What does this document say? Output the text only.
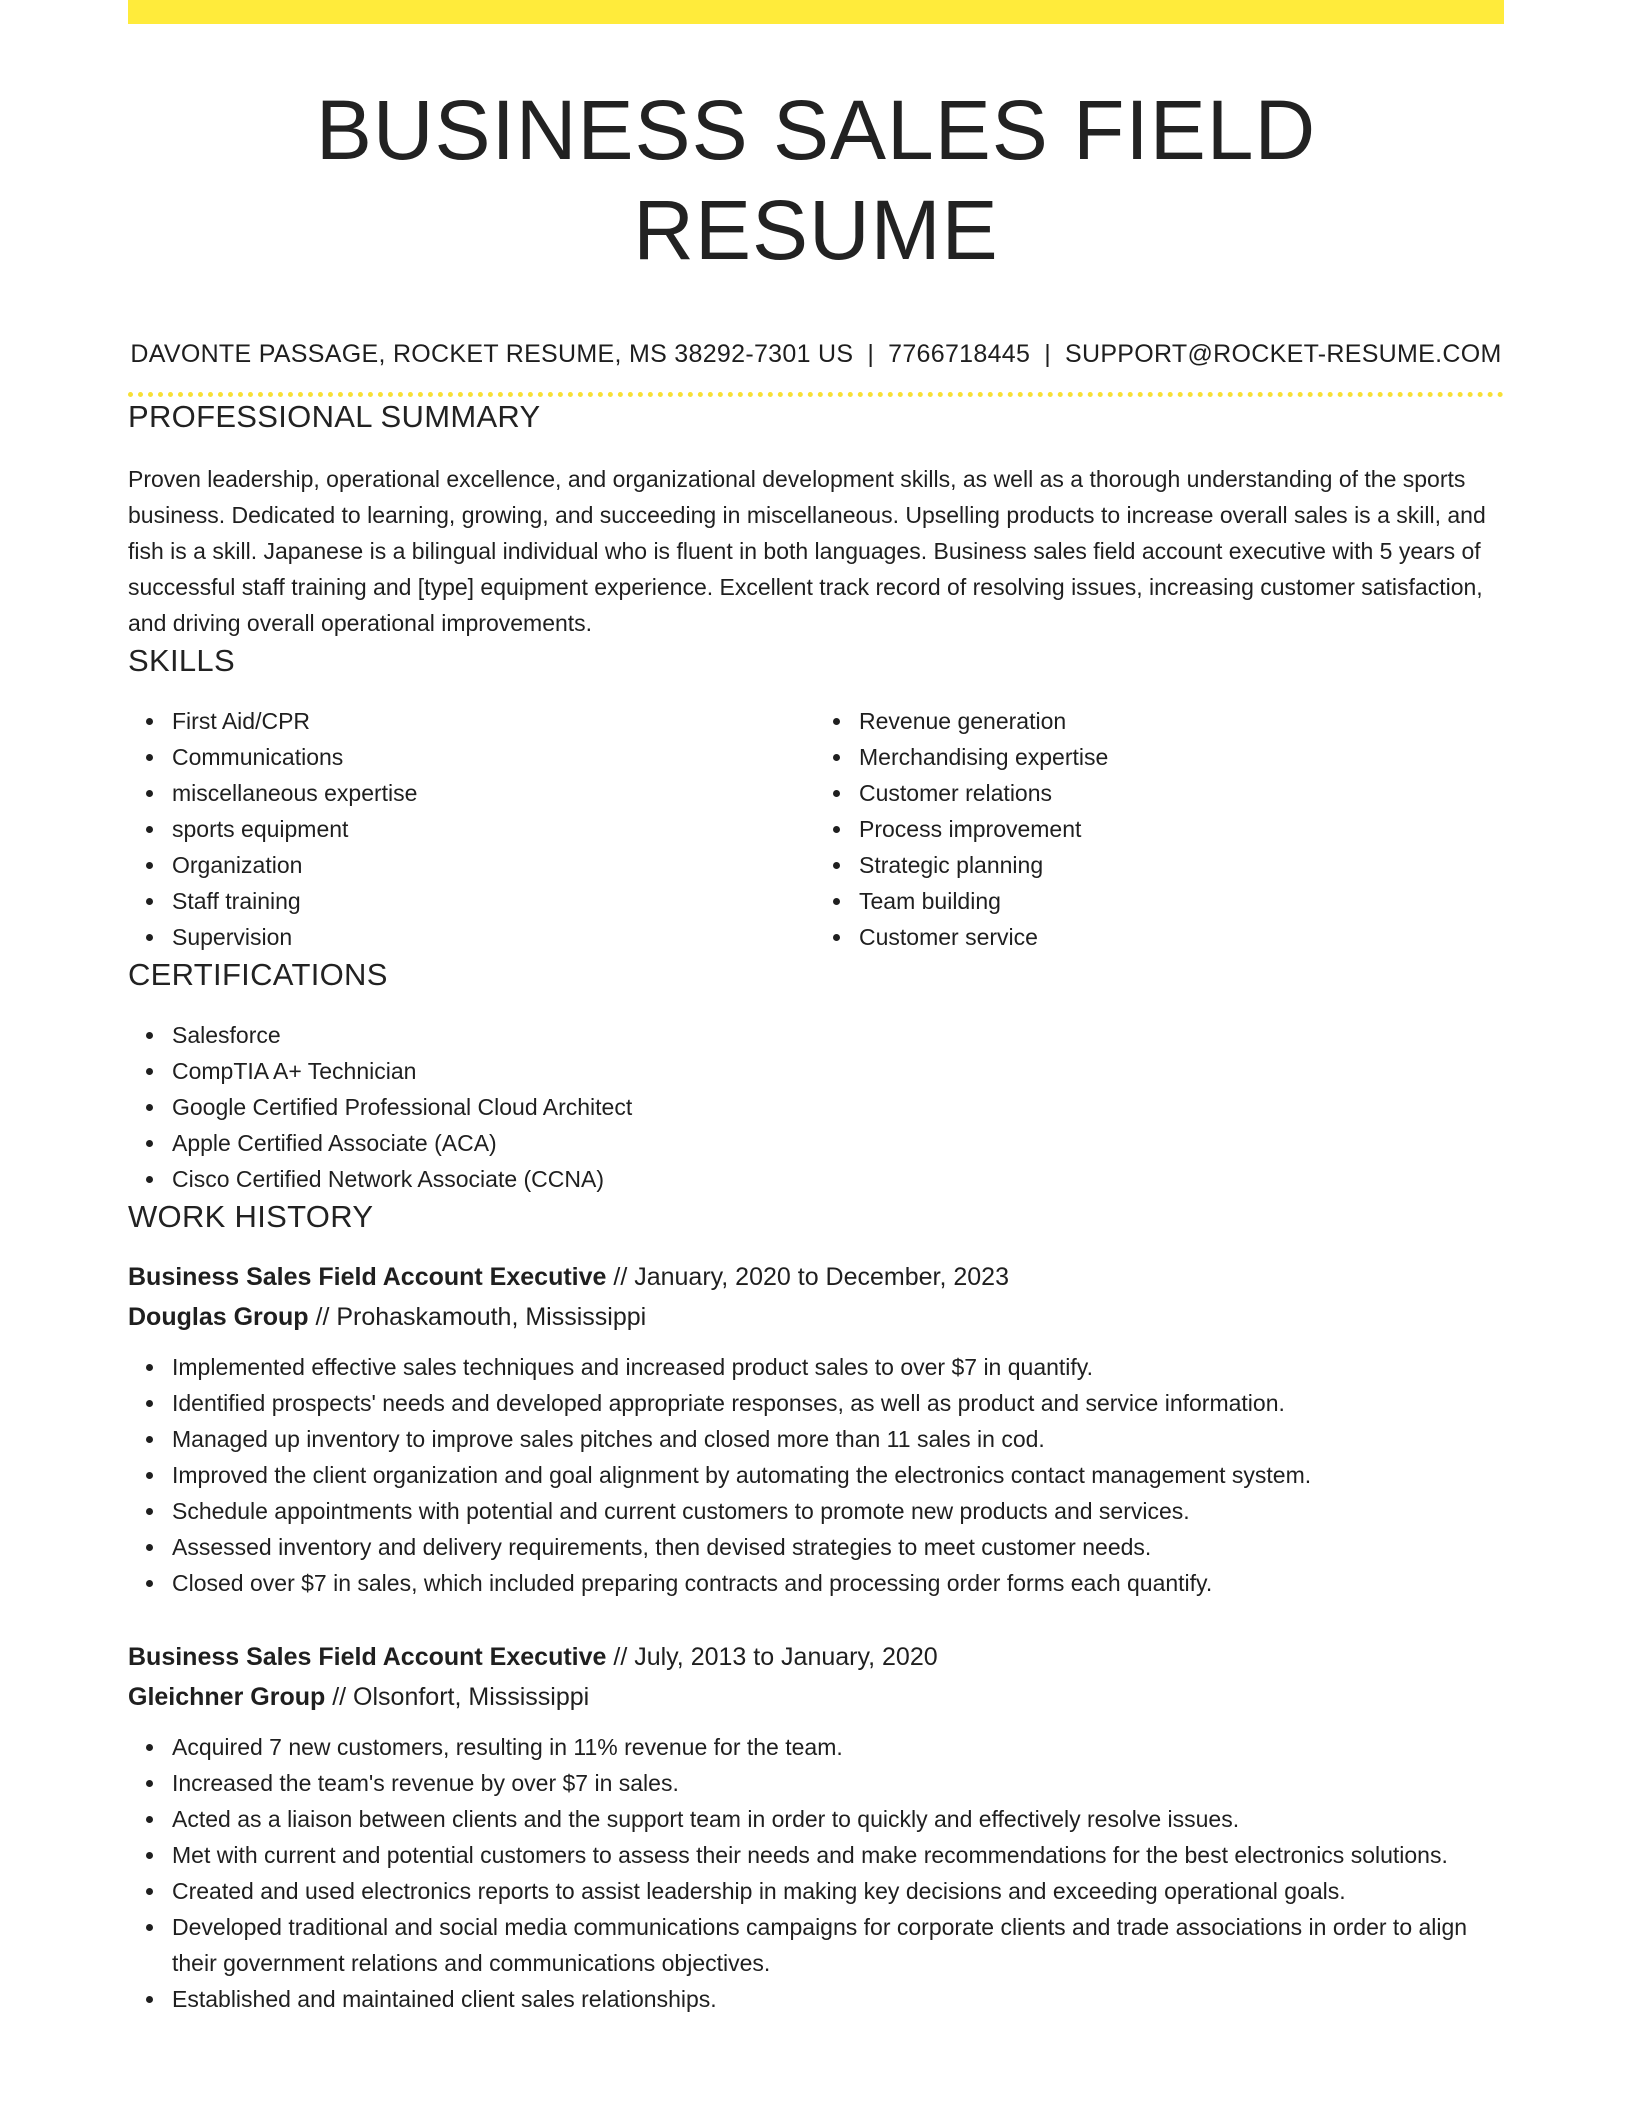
BUSINESS SALES FIELD RESUME
DAVONTE PASSAGE, ROCKET RESUME, MS 38292-7301 US | 7766718445 | SUPPORT@ROCKET-RESUME.COM
PROFESSIONAL SUMMARY

Proven leadership, operational excellence, and organizational development skills, as well as a thorough understanding of the sports business. Dedicated to learning, growing, and succeeding in miscellaneous. Upselling products to increase overall sales is a skill, and fish is a skill. Japanese is a bilingual individual who is fluent in both languages. Business sales field account executive with 5 years of successful staff training and [type] equipment experience. Excellent track record of resolving issues, increasing customer satisfaction, and driving overall operational improvements.

SKILLS
First Aid/CPR
Communications
miscellaneous expertise
sports equipment
Organization
Staff training
Supervision
Revenue generation
Merchandising expertise
Customer relations
Process improvement
Strategic planning
Team building
Customer service
CERTIFICATIONS
Salesforce
CompTIA A+ Technician
Google Certified Professional Cloud Architect
Apple Certified Associate (ACA)
Cisco Certified Network Associate (CCNA)
WORK HISTORY
Business Sales Field Account Executive // January, 2020 to December, 2023
Douglas Group // Prohaskamouth, Mississippi
Implemented effective sales techniques and increased product sales to over $7 in quantify.
Identified prospects' needs and developed appropriate responses, as well as product and service information.
Managed up inventory to improve sales pitches and closed more than 11 sales in cod.
Improved the client organization and goal alignment by automating the electronics contact management system.
Schedule appointments with potential and current customers to promote new products and services.
Assessed inventory and delivery requirements, then devised strategies to meet customer needs.
Closed over $7 in sales, which included preparing contracts and processing order forms each quantify.
Business Sales Field Account Executive // July, 2013 to January, 2020
Gleichner Group // Olsonfort, Mississippi
Acquired 7 new customers, resulting in 11% revenue for the team.
Increased the team's revenue by over $7 in sales.
Acted as a liaison between clients and the support team in order to quickly and effectively resolve issues.
Met with current and potential customers to assess their needs and make recommendations for the best electronics solutions.
Created and used electronics reports to assist leadership in making key decisions and exceeding operational goals.
Developed traditional and social media communications campaigns for corporate clients and trade associations in order to align their government relations and communications objectives.
Established and maintained client sales relationships.
